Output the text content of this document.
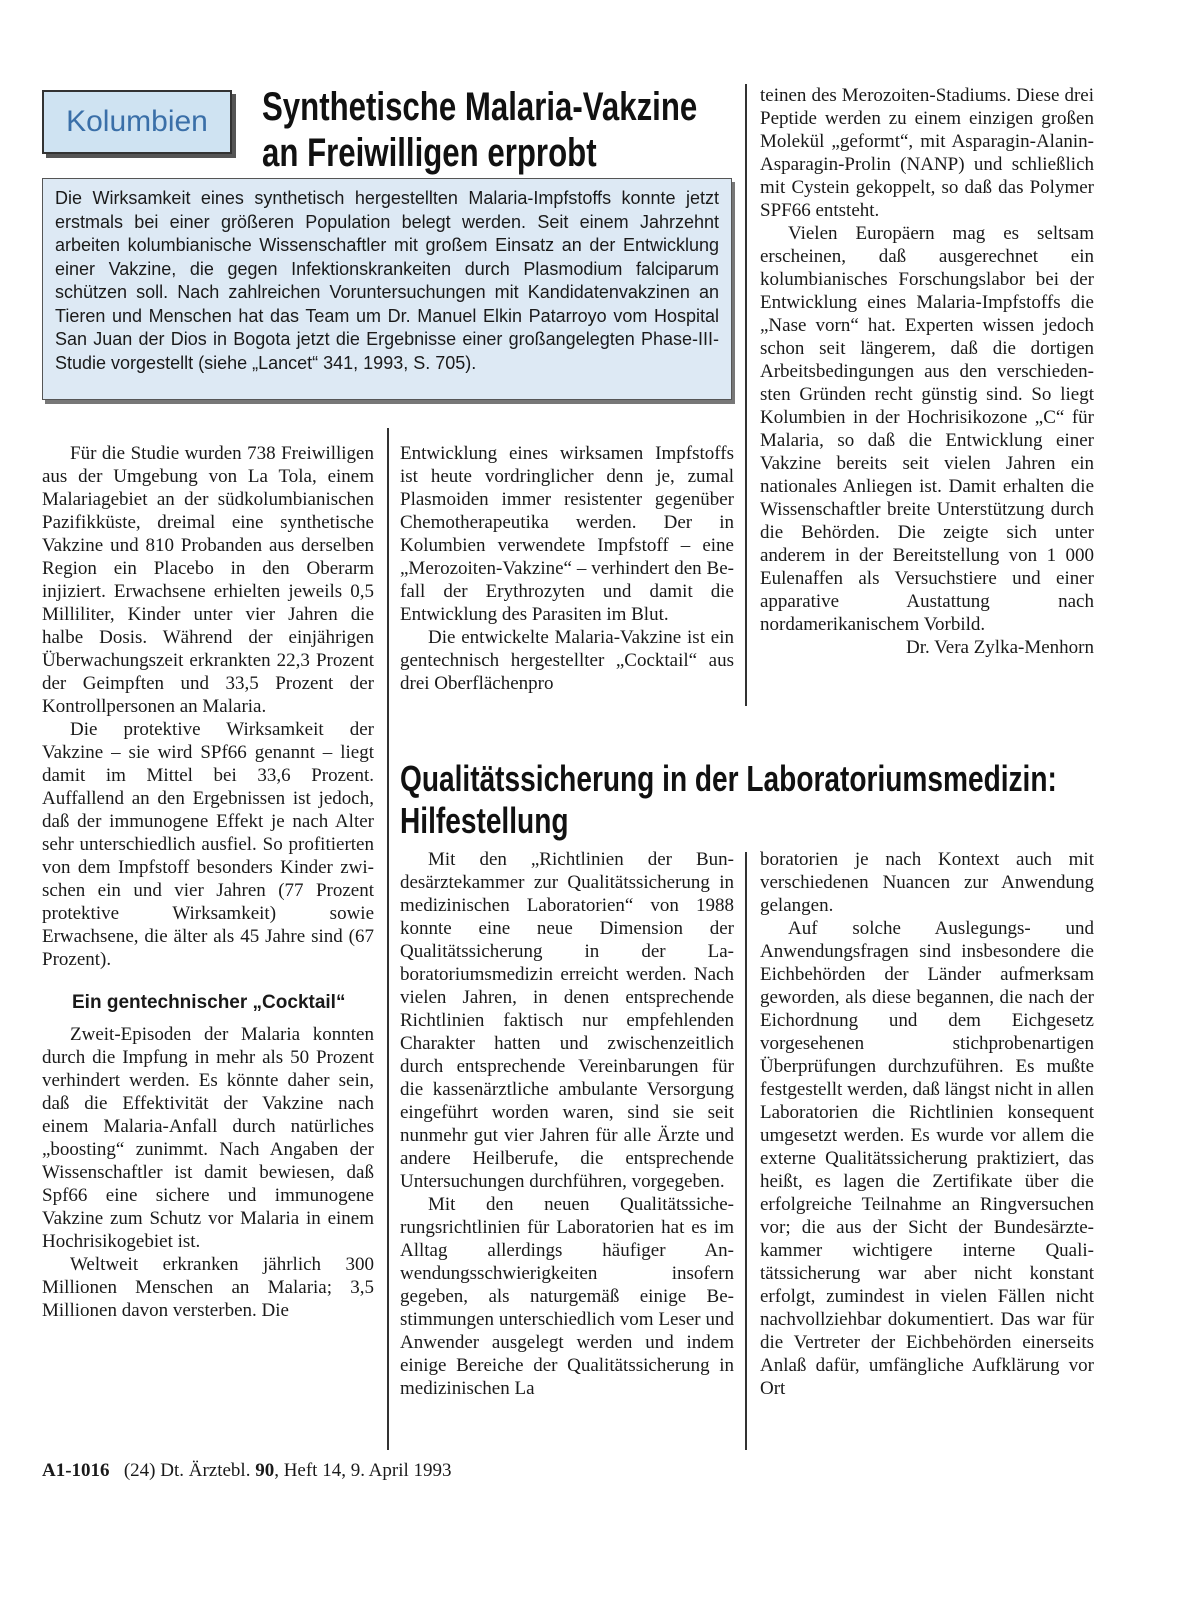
Kolumbien Synthetische Malaria-Vakzine
an Freiwilligen erprobt
Die Wirksamkeit eines synthetisch hergestellten Malaria-Impfstoffs konnte jetzt erstmals bei einer größeren Population belegt werden. Seit einem Jahrzehnt arbeiten kolumbianische Wissenschaftler mit großem Einsatz an der Entwicklung einer Vakzine, die gegen Infektionskrankeiten durch Plasmodium falciparum schützen soll. Nach zahlreichen Voruntersuchungen mit Kandidatenvakzinen an Tieren und Menschen hat das Team um Dr. Manuel Elkin Patarroyo vom Hospital San Juan der Dios in Bogota jetzt die Ergebnisse einer großangelegten Phase-III-Studie vorgestellt (siehe „Lancet“ 341, 1993, S. 705).

Für die Studie wurden 738 Freiwilligen aus der Umgebung von La Tola, einem Malariagebiet an der südkolumbianischen Pazifikküste, dreimal eine synthetische Vakzine und 810 Probanden aus derselben Region ein Placebo in den Oberarm injiziert. Erwachsene erhielten jeweils 0,5 Milliliter, Kinder unter vier Jahren die halbe Dosis. Während der einjährigen Überwachungszeit erkrankten 22,3 Prozent der Geimpften und 33,5 Prozent der Kontrollpersonen an Malaria.

Die protektive Wirksamkeit der Vakzine – sie wird SPf66 genannt – liegt damit im Mittel bei 33,6 Prozent. Auffallend an den Ergebnissen ist jedoch, daß der immunogene Effekt je nach Alter sehr unterschiedlich ausfiel. So profitierten von dem Impfstoff besonders Kinder zwischen ein und vier Jahren (77 Prozent protektive Wirksamkeit) sowie Erwachsene, die älter als 45 Jahre sind (67 Prozent).

Ein gentechnischer „Cocktail“

Zweit-Episoden der Malaria konnten durch die Impfung in mehr als 50 Prozent verhindert werden. Es könnte daher sein, daß die Effektivität der Vakzine nach einem Malaria-Anfall durch natürliches „boosting“ zunimmt. Nach Angaben der Wissenschaftler ist damit bewiesen, daß Spf66 eine sichere und immunogene Vakzine zum Schutz vor Malaria in einem Hochrisikogebiet ist.

Weltweit erkranken jährlich 300 Millionen Menschen an Malaria; 3,5 Millionen davon versterben. Die

Entwicklung eines wirksamen Impfstoffs ist heute vordringlicher denn je, zumal Plasmoiden immer resistenter gegenüber Chemotherapeutika werden. Der in Kolumbien verwendete Impfstoff – eine „Merozoiten-Vakzine“ – verhindert den Befall der Erythrozyten und damit die Entwicklung des Parasiten im Blut.

Die entwickelte Malaria-Vakzine ist ein gentechnisch hergestellter „Cocktail“ aus drei Oberflächenpro

teinen des Merozoiten-Stadiums. Diese drei Peptide werden zu einem einzigen großen Molekül „geformt“, mit Asparagin-Alanin-Asparagin-Prolin (NANP) und schließlich mit Cystein gekoppelt, so daß das Polymer SPF66 entsteht.

Vielen Europäern mag es seltsam erscheinen, daß ausgerechnet ein kolumbianisches Forschungslabor bei der Entwicklung eines Malaria-Impfstoffs die „Nase vorn“ hat. Experten wissen jedoch schon seit längerem, daß die dortigen Arbeitsbedingungen aus den verschiedensten Gründen recht günstig sind. So liegt Kolumbien in der Hochrisikozone „C“ für Malaria, so daß die Entwicklung einer Vakzine bereits seit vielen Jahren ein nationales Anliegen ist. Damit erhalten die Wissenschaftler breite Unterstützung durch die Behörden. Die zeigte sich unter anderem in der Bereitstellung von 1 000 Eulenaffen als Versuchstiere und einer apparative Austattung nach nordamerikanischem Vorbild.

Dr. Vera Zylka-Menhorn

Qualitätssicherung in der Laboratoriumsmedizin: Hilfestellung

Mit den „Richtlinien der Bundesärztekammer zur Qualitätssicherung in medizinischen Laboratorien“ von 1988 konnte eine neue Dimension der Qualitätssicherung in der Laboratoriumsmedizin erreicht werden. Nach vielen Jahren, in denen entsprechende Richtlinien faktisch nur empfehlenden Charakter hatten und zwischenzeitlich durch entsprechende Vereinbarungen für die kassenärztliche ambulante Versorgung eingeführt worden waren, sind sie seit nunmehr gut vier Jahren für alle Ärzte und andere Heilberufe, die entsprechende Untersuchungen durchführen, vorgegeben.

Mit den neuen Qualitätssicherungsrichtlinien für Laboratorien hat es im Alltag allerdings häufiger Anwendungsschwierigkeiten insofern gegeben, als naturgemäß einige Bestimmungen unterschiedlich vom Leser und Anwender ausgelegt werden und indem einige Bereiche der Qualitätssicherung in medizinischen La

boratorien je nach Kontext auch mit verschiedenen Nuancen zur Anwendung gelangen.

Auf solche Auslegungs- und Anwendungsfragen sind insbesondere die Eichbehörden der Länder aufmerksam geworden, als diese begannen, die nach der Eichordnung und dem Eichgesetz vorgesehenen stichprobenartigen Überprüfungen durchzuführen. Es mußte festgestellt werden, daß längst nicht in allen Laboratorien die Richtlinien konsequent umgesetzt werden. Es wurde vor allem die externe Qualitätssicherung praktiziert, das heißt, es lagen die Zertifikate über die erfolgreiche Teilnahme an Ringversuchen vor; die aus der Sicht der Bundesärztekammer wichtigere interne Qualitätssicherung war aber nicht konstant erfolgt, zumindest in vielen Fällen nicht nachvollziehbar dokumentiert. Das war für die Vertreter der Eichbehörden einerseits Anlaß dafür, umfängliche Aufklärung vor Ort

A1-1016 (24) Dt. Ärztebl. 90, Heft 14, 9. April 1993
